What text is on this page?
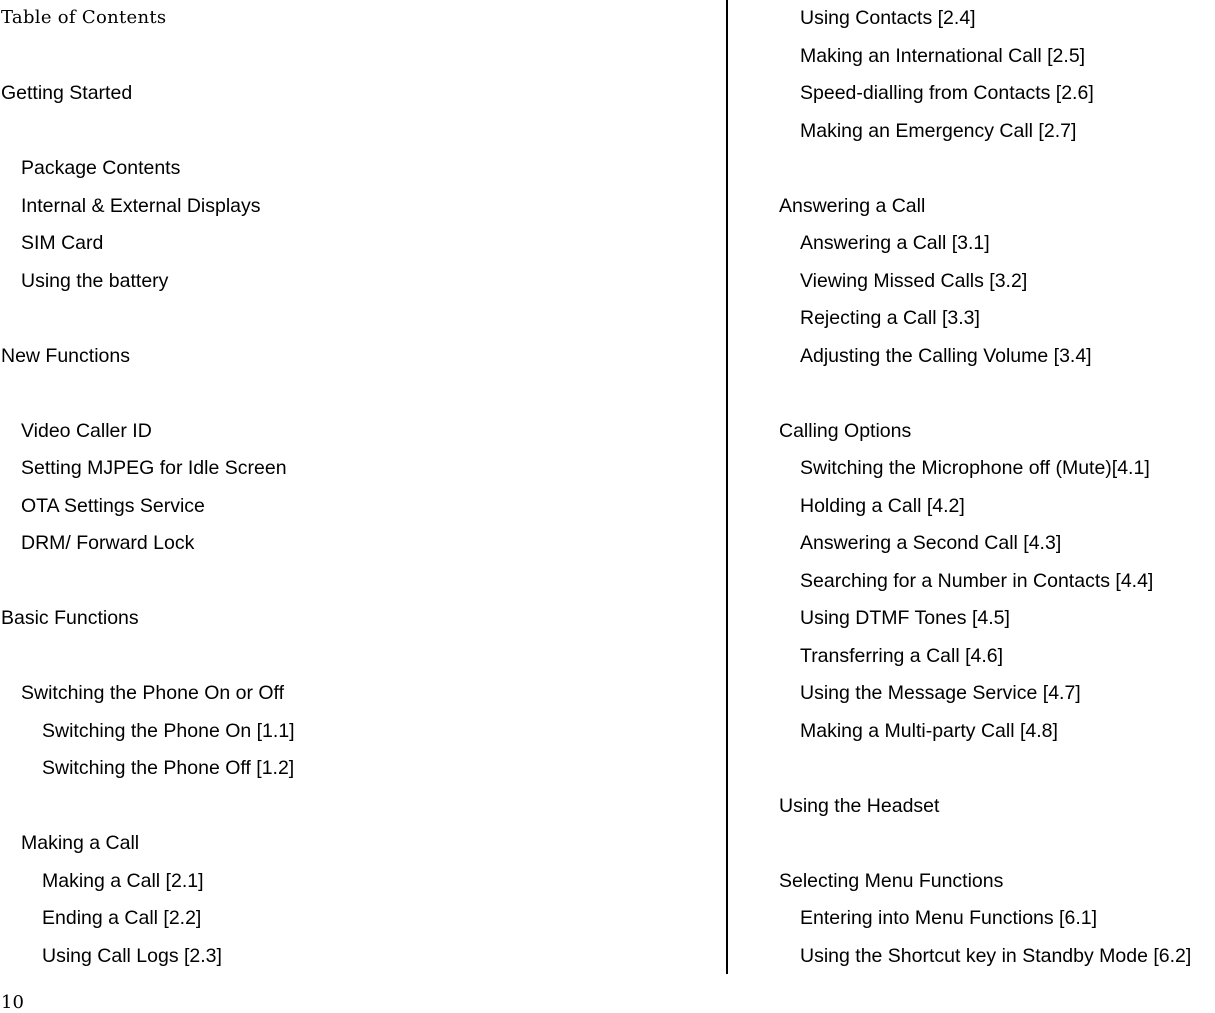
Table of Contents
Getting Started
Package Contents
Internal & External Displays
SIM Card
Using the battery
New Functions
Video Caller ID
Setting MJPEG for Idle Screen
OTA Settings Service
DRM/ Forward Lock
Basic Functions
Switching the Phone On or Off
Switching the Phone On [1.1]
Switching the Phone Off [1.2]
Making a Call
Making a Call [2.1]
Ending a Call [2.2]
Using Call Logs [2.3]
Using Contacts [2.4]
Making an International Call [2.5]
Speed-dialling from Contacts [2.6]
Making an Emergency Call [2.7]
Answering a Call
Answering a Call [3.1]
Viewing Missed Calls [3.2]
Rejecting a Call [3.3]
Adjusting the Calling Volume [3.4]
Calling Options
Switching the Microphone off (Mute)[4.1]
Holding a Call [4.2]
Answering a Second Call [4.3]
Searching for a Number in Contacts [4.4]
Using DTMF Tones [4.5]
Transferring a Call [4.6]
Using the Message Service [4.7]
Making a Multi-party Call [4.8]
Using the Headset
Selecting Menu Functions
Entering into Menu Functions [6.1]
Using the Shortcut key in Standby Mode [6.2]
10
